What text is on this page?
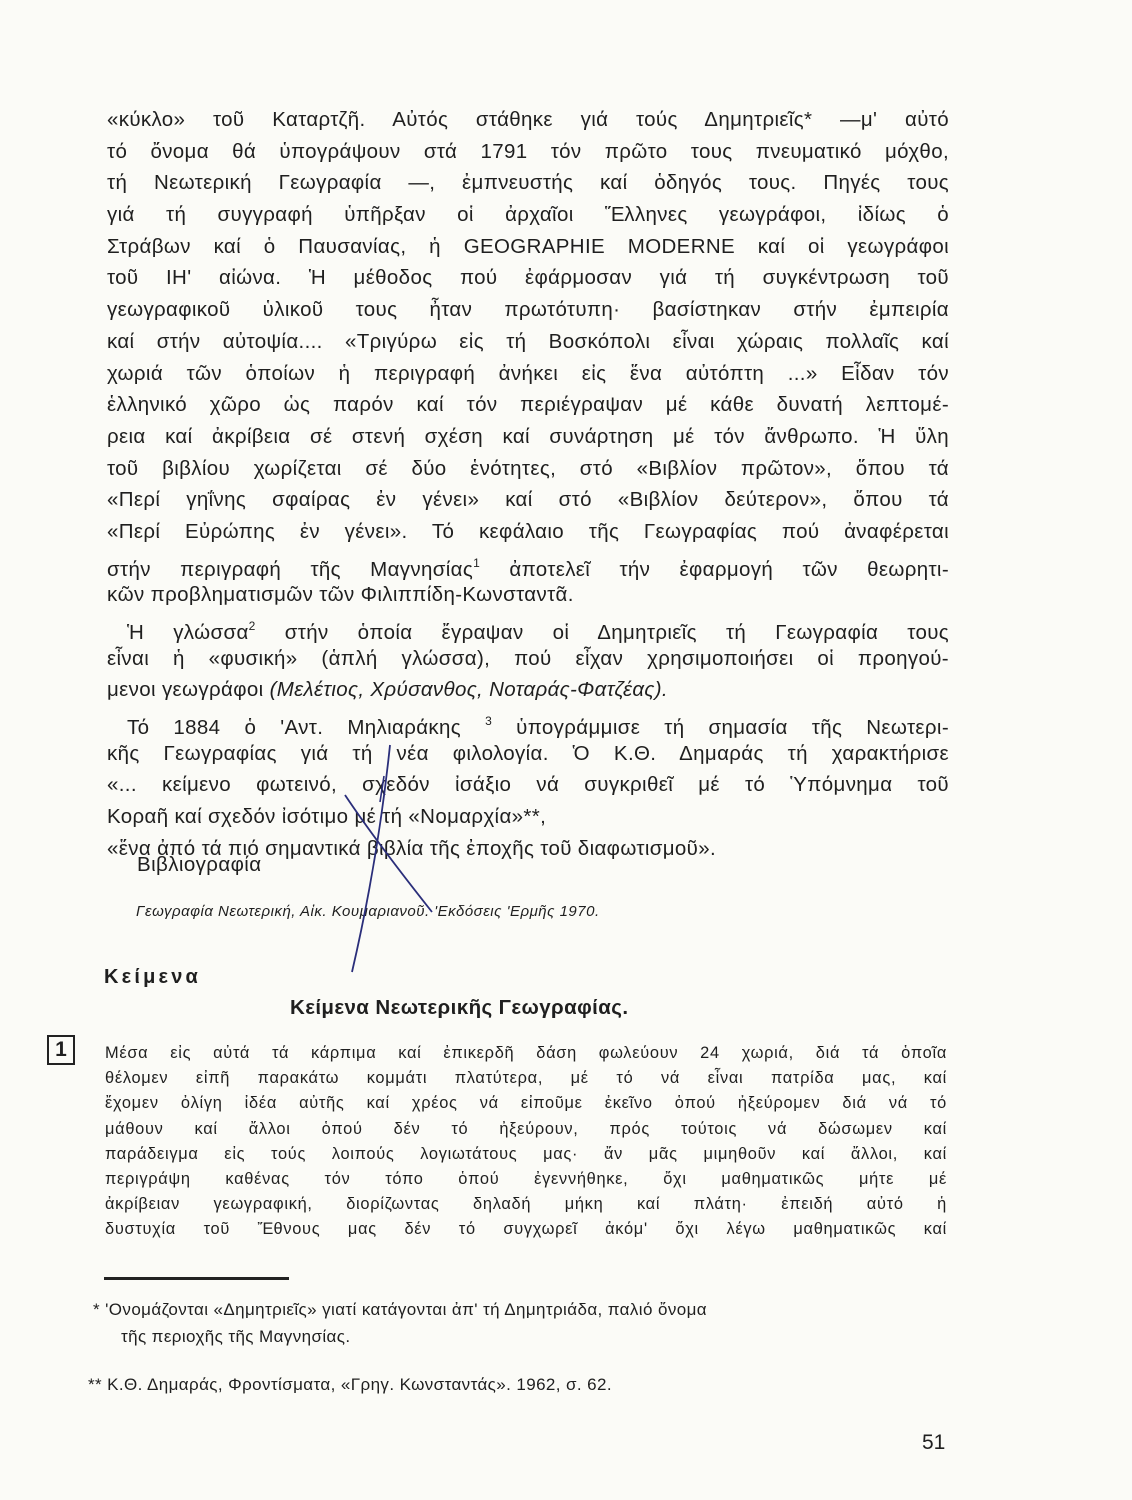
«κύκλο» τοῦ Καταρτζῆ. Αὐτός στάθηκε γιά τούς Δημητριεῖς* —μ' αὐτό
τό ὄνομα θά ὑπογράψουν στά 1791 τόν πρῶτο τους πνευματικό μόχθο,
τή Νεωτερική Γεωγραφία —, ἐμπνευστής καί ὁδηγός τους. Πηγές τους
γιά τή συγγραφή ὑπῆρξαν οἱ ἀρχαῖοι Ἕλληνες γεωγράφοι, ἰδίως ὁ
Στράβων καί ὁ Παυσανίας, ἡ GEOGRAPHIE MODERNE καί οἱ γεωγράφοι
τοῦ ΙΗ' αἰώνα. Ἡ μέθοδος πού ἐφάρμοσαν γιά τή συγκέντρωση τοῦ
γεωγραφικοῦ ὑλικοῦ τους ἦταν πρωτότυπη· βασίστηκαν στήν ἐμπειρία
καί στήν αὐτοψία.... «Τριγύρω εἰς τή Βοσκόπολι εἶναι χώραις πολλαῖς καί
χωριά τῶν ὁποίων ἡ περιγραφή ἀνήκει εἰς ἕνα αὐτόπτη ...» Εἶδαν τόν
ἑλληνικό χῶρο ὡς παρόν καί τόν περιέγραψαν μέ κάθε δυνατή λεπτομέ-
ρεια καί ἀκρίβεια σέ στενή σχέση καί συνάρτηση μέ τόν ἄνθρωπο. Ἡ ὕλη
τοῦ βιβλίου χωρίζεται σέ δύο ἑνότητες, στό «Βιβλίον πρῶτον», ὅπου τά
«Περί γηΐνης σφαίρας ἐν γένει» καί στό «Βιβλίον δεύτερον», ὅπου τά
«Περί Εὐρώπης ἐν γένει». Τό κεφάλαιο τῆς Γεωγραφίας πού ἀναφέρεται
στήν περιγραφή τῆς Μαγνησίας$^1$ ἀποτελεῖ τήν ἐφαρμογή τῶν θεωρητι-
κῶν προβληματισμῶν τῶν Φιλιππίδη-Κωνσταντᾶ.
Ἡ γλώσσα$^2$ στήν ὁποία ἔγραψαν οἱ Δημητριεῖς τή Γεωγραφία τους
εἶναι ἡ «φυσική» (ἁπλή γλώσσα), πού εἶχαν χρησιμοποιήσει οἱ προηγού-
μενοι γεωγράφοι (Μελέτιος, Χρύσανθος, Νοταράς-Φατζέας).
Τό 1884 ὁ 'Αντ. Μηλιαράκης $^3$ ὑπογράμμισε τή σημασία τῆς Νεωτερι-
κῆς Γεωγραφίας γιά τή νέα φιλολογία. Ὁ Κ.Θ. Δημαράς τή χαρακτήρισε
«... κείμενο φωτεινό, σχεδόν ἰσάξιο νά συγκριθεῖ μέ τό Ὑπόμνημα τοῦ
Κοραῆ καί σχεδόν ἰσότιμο μέ τή «Νομαρχία»**,
«ἕνα ἀπό τά πιό σημαντικά βιβλία τῆς ἐποχῆς τοῦ διαφωτισμοῦ».
Βιβλιογραφία
Γεωγραφία Νεωτερική, Αἰκ. Κουμαριανοῦ. 'Εκδόσεις 'Ερμῆς 1970.
Κείμενα
Κείμενα Νεωτερικῆς Γεωγραφίας.
1	Μέσα εἰς αὐτά τά κάρπιμα καί ἐπικερδῆ δάση φωλεύουν 24 χωριά, διά τά ὁποῖα
θέλομεν εἰπῆ παρακάτω κομμάτι πλατύτερα, μέ τό νά εἶναι πατρίδα μας, καί
ἔχομεν ὀλίγη ἰδέα αὐτῆς καί χρέος νά εἰποῦμε ἐκεῖνο ὁπού ἠξεύρομεν διά νά τό
μάθουν καί ἄλλοι ὁπού δέν τό ἠξεύρουν, πρός τούτοις νά δώσωμεν καί
παράδειγμα εἰς τούς λοιπούς λογιωτάτους μας· ἄν μᾶς μιμηθοῦν καί ἄλλοι, καί
περιγράψη καθένας τόν τόπο ὁπού ἐγεννήθηκε, ὄχι μαθηματικῶς μήτε μέ
ἀκρίβειαν γεωγραφική, διορίζωντας δηλαδή μήκη καί πλάτη· ἐπειδή αὐτό ἡ
δυστυχία τοῦ Ἔθνους μας δέν τό συγχωρεῖ ἀκόμ' ὄχι λέγω μαθηματικῶς καί
* 'Ονομάζονται «Δημητριεῖς» γιατί κατάγονται ἀπ' τή Δημητριάδα, παλιό ὄνομα
τῆς περιοχῆς τῆς Μαγνησίας.
** Κ.Θ. Δημαράς, Φροντίσματα, «Γρηγ. Κωνσταντάς». 1962, σ. 62.
51
